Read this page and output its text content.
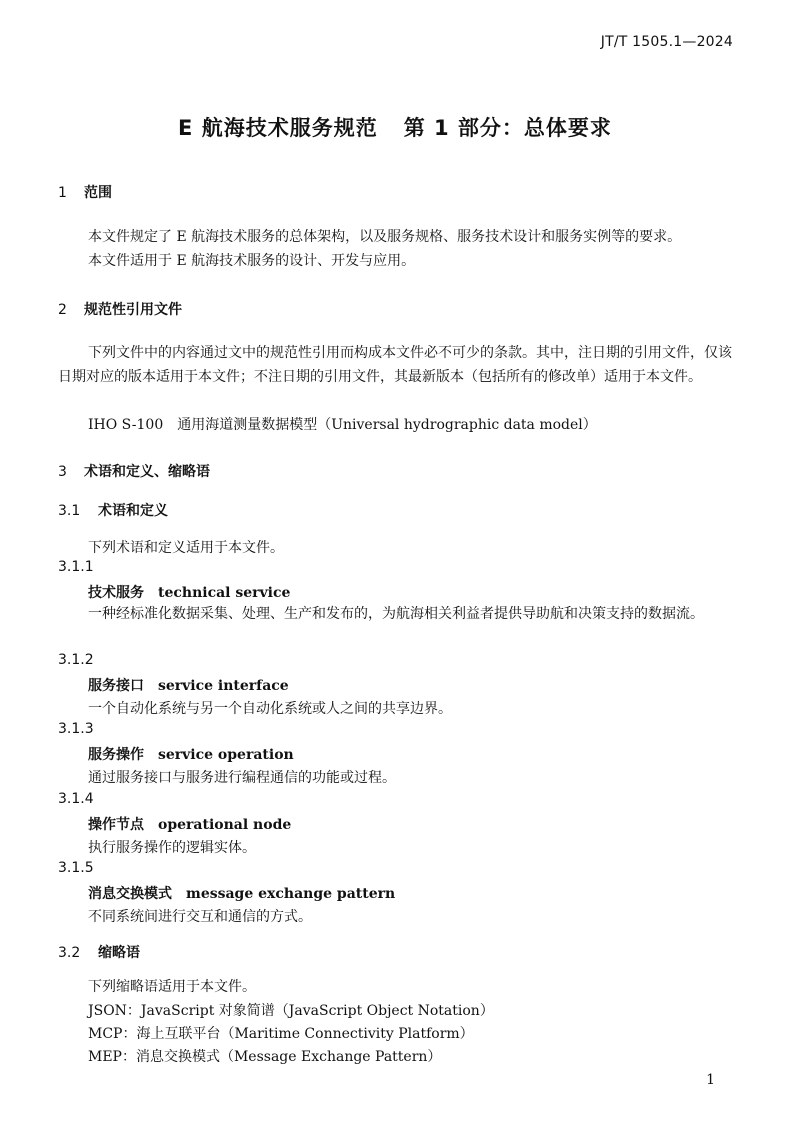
JT/T 1505.1—2024
E 航海技术服务规范 第 1 部分：总体要求
1 范围
本文件规定了 E 航海技术服务的总体架构，以及服务规格、服务技术设计和服务实例等的要求。
本文件适用于 E 航海技术服务的设计、开发与应用。
2 规范性引用文件
下列文件中的内容通过文中的规范性引用而构成本文件必不可少的条款。其中，注日期的引用文件，仅该日期对应的版本适用于本文件；不注日期的引用文件，其最新版本（包括所有的修改单）适用于本文件。
IHO S-100　通用海道测量数据模型（Universal hydrographic data model）
3 术语和定义、缩略语
3.1 术语和定义
下列术语和定义适用于本文件。
3.1.1
技术服务 technical service
一种经标准化数据采集、处理、生产和发布的，为航海相关利益者提供导助航和决策支持的数据流。
3.1.2
服务接口 service interface
一个自动化系统与另一个自动化系统或人之间的共享边界。
3.1.3
服务操作 service operation
通过服务接口与服务进行编程通信的功能或过程。
3.1.4
操作节点 operational node
执行服务操作的逻辑实体。
3.1.5
消息交换模式 message exchange pattern
不同系统间进行交互和通信的方式。
3.2 缩略语
下列缩略语适用于本文件。
JSON：JavaScript 对象简谱（JavaScript Object Notation）
MCP：海上互联平台（Maritime Connectivity Platform）
MEP：消息交换模式（Message Exchange Pattern）
1
